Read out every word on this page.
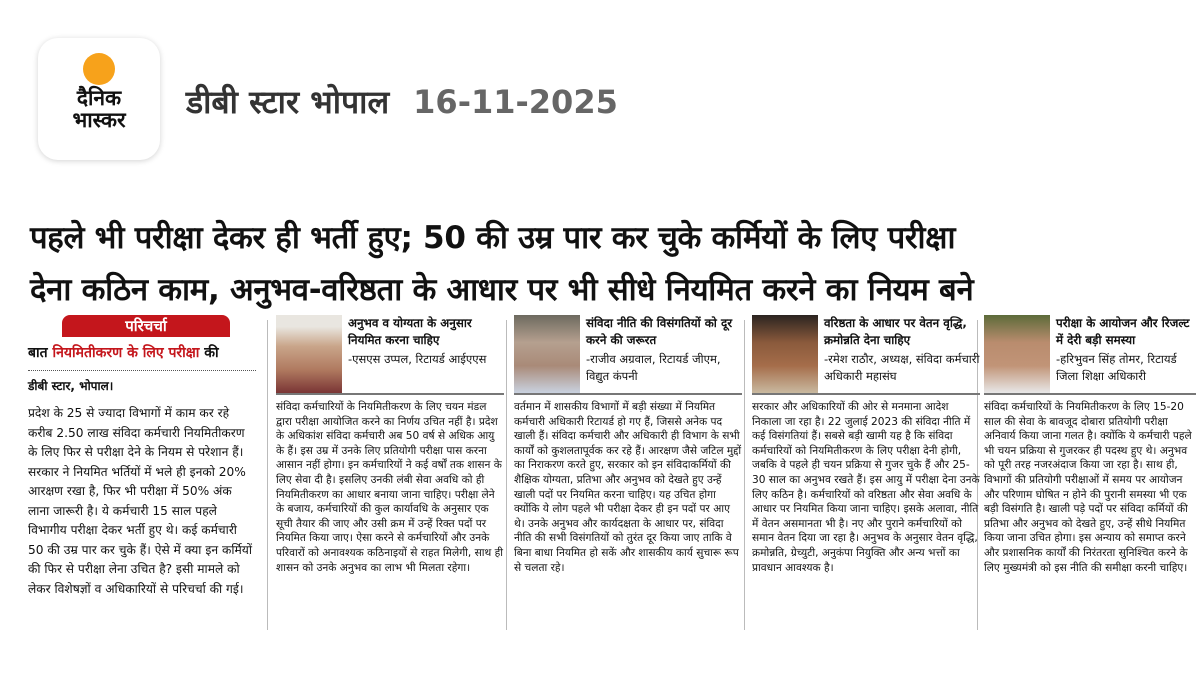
दैनिक
भास्कर	डीबी स्टार भोपाल 16-11-2025
पहले भी परीक्षा देकर ही भर्ती हुए; 50 की उम्र पार कर चुके कर्मियों के लिए परीक्षा
देना कठिन काम, अनुभव-वरिष्ठता के आधार पर भी सीधे नियमित करने का नियम बने
परिचर्चा
बात नियमितीकरण के लिए परीक्षा की
डीबी स्टार, भोपाल।
प्रदेश के 25 से ज्यादा विभागों में काम कर रहे करीब 2.50 लाख संविदा कर्मचारी नियमितीकरण के लिए फिर से परीक्षा देने के नियम से परेशान हैं। सरकार ने नियमित भर्तियों में भले ही इनको 20% आरक्षण रखा है, फिर भी परीक्षा में 50% अंक लाना जारूरी है। ये कर्मचारी 15 साल पहले विभागीय परीक्षा देकर भर्ती हुए थे। कई कर्मचारी 50 की उम्र पार कर चुके हैं। ऐसे में क्या इन कर्मियों की फिर से परीक्षा लेना उचित है? इसी मामले को लेकर विशेषज्ञों व अधिकारियों से परिचर्चा की गई।
अनुभव व योग्यता के अनुसार नियमित करना चाहिए
-एसएस उप्पल, रिटायर्ड आईएएस
संविदा कर्मचारियों के नियमितीकरण के लिए चयन मंडल द्वारा परीक्षा आयोजित करने का निर्णय उचित नहीं है। प्रदेश के अधिकांश संविदा कर्मचारी अब 50 वर्ष से अधिक आयु के हैं। इस उम्र में उनके लिए प्रतियोगी परीक्षा पास करना आसान नहीं होगा। इन कर्मचारियों ने कई वर्षों तक शासन के लिए सेवा दी है। इसलिए उनकी लंबी सेवा अवधि को ही नियमितीकरण का आधार बनाया जाना चाहिए। परीक्षा लेने के बजाय, कर्मचारियों की कुल कार्यावधि के अनुसार एक सूची तैयार की जाए और उसी क्रम में उन्हें रिक्त पदों पर नियमित किया जाए। ऐसा करने से कर्मचारियों और उनके परिवारों को अनावश्यक कठिनाइयों से राहत मिलेगी, साथ ही शासन को उनके अनुभव का लाभ भी मिलता रहेगा।
संविदा नीति की विसंगतियों को दूर करने की जरूरत
-राजीव अग्रवाल, रिटायर्ड जीएम, विद्युत कंपनी
वर्तमान में शासकीय विभागों में बड़ी संख्या में नियमित कर्मचारी अधिकारी रिटायर्ड हो गए हैं, जिससे अनेक पद खाली हैं। संविदा कर्मचारी और अधिकारी ही विभाग के सभी कार्यों को कुशलतापूर्वक कर रहे हैं। आरक्षण जैसे जटिल मुद्दों का निराकरण करते हुए, सरकार को इन संविदाकर्मियों की शैक्षिक योग्यता, प्रतिभा और अनुभव को देखते हुए उन्हें खाली पदों पर नियमित करना चाहिए। यह उचित होगा क्योंकि ये लोग पहले भी परीक्षा देकर ही इन पदों पर आए थे। उनके अनुभव और कार्यदक्षता के आधार पर, संविदा नीति की सभी विसंगतियों को तुरंत दूर किया जाए ताकि वे बिना बाधा नियमित हो सकें और शासकीय कार्य सुचारू रूप से चलता रहे।
वरिष्ठता के आधार पर वेतन वृद्धि, क्रमोन्नति देना चाहिए
-रमेश राठौर, अध्यक्ष, संविदा कर्मचारी अधिकारी महासंघ
सरकार और अधिकारियों की ओर से मनमाना आदेश निकाला जा रहा है। 22 जुलाई 2023 की संविदा नीति में कई विसंगतियां हैं। सबसे बड़ी खामी यह है कि संविदा कर्मचारियों को नियमितीकरण के लिए परीक्षा देनी होगी, जबकि वे पहले ही चयन प्रक्रिया से गुजर चुके हैं और 25-30 साल का अनुभव रखते हैं। इस आयु में परीक्षा देना उनके लिए कठिन है। कर्मचारियों को वरिष्ठता और सेवा अवधि के आधार पर नियमित किया जाना चाहिए। इसके अलावा, नीति में वेतन असमानता भी है। नए और पुराने कर्मचारियों को समान वेतन दिया जा रहा है। अनुभव के अनुसार वेतन वृद्धि, क्रमोन्नति, ग्रेच्युटी, अनुकंपा नियुक्ति और अन्य भत्तों का प्रावधान आवश्यक है।
परीक्षा के आयोजन और रिजल्ट में देरी बड़ी समस्या
-हरिभुवन सिंह तोमर, रिटायर्ड जिला शिक्षा अधिकारी
संविदा कर्मचारियों के नियमितीकरण के लिए 15-20 साल की सेवा के बावजूद दोबारा प्रतियोगी परीक्षा अनिवार्य किया जाना गलत है। क्योंकि ये कर्मचारी पहले भी चयन प्रक्रिया से गुजरकर ही पदस्थ हुए थे। अनुभव को पूरी तरह नजरअंदाज किया जा रहा है। साथ ही, विभागों की प्रतियोगी परीक्षाओं में समय पर आयोजन और परिणाम घोषित न होने की पुरानी समस्या भी एक बड़ी विसंगति है। खाली पड़े पदों पर संविदा कर्मियों की प्रतिभा और अनुभव को देखते हुए, उन्हें सीधे नियमित किया जाना उचित होगा। इस अन्याय को समाप्त करने और प्रशासनिक कार्यों की निरंतरता सुनिश्चित करने के लिए मुख्यमंत्री को इस नीति की समीक्षा करनी चाहिए।
